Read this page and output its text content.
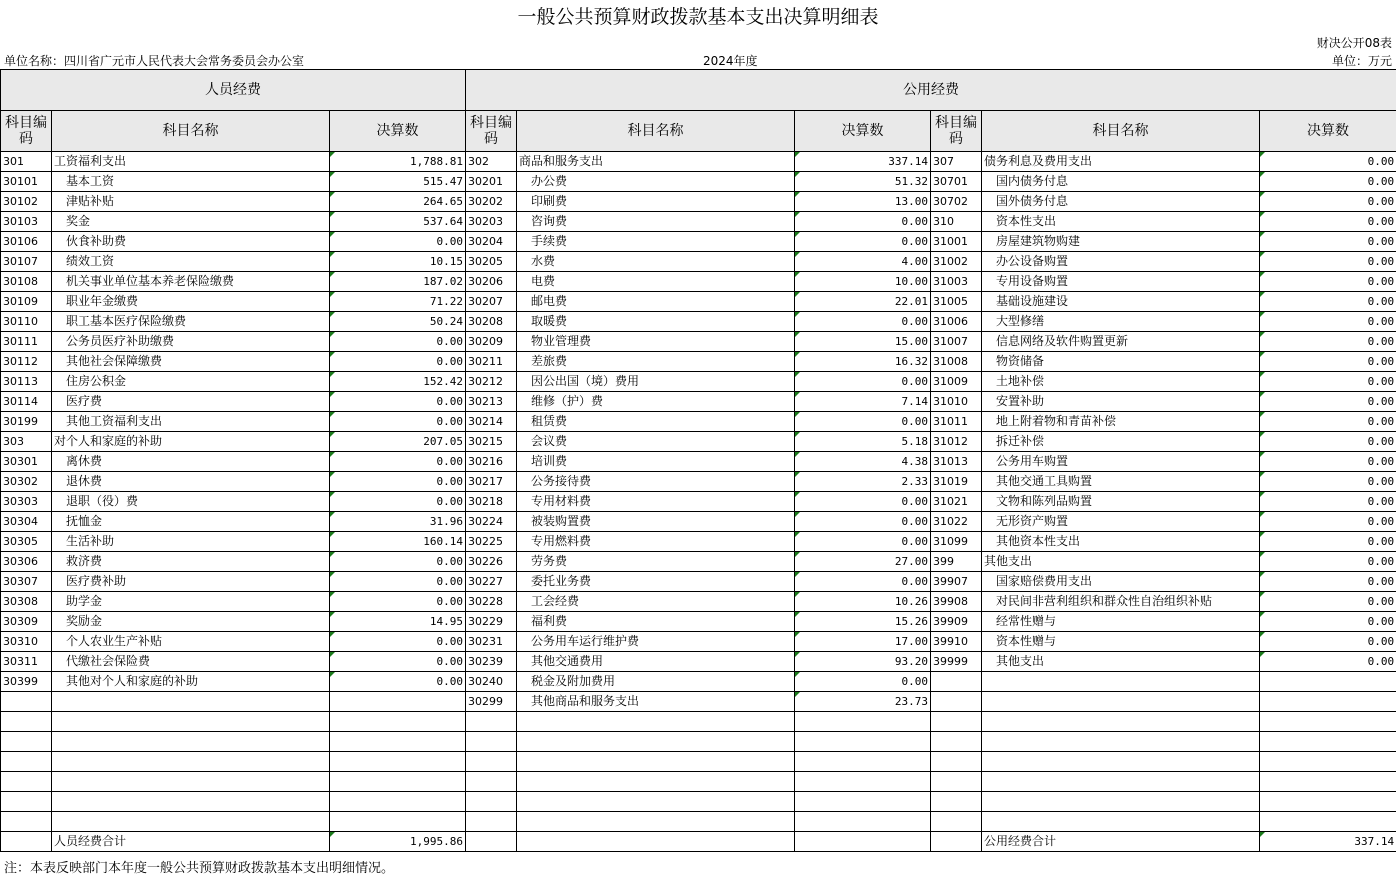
一般公共预算财政拨款基本支出决算明细表
财决公开08表
单位名称：四川省广元市人民代表大会常务委员会办公室	2024年度	单位：万元
人员经费			公用经费					
科目编码	科目名称	决算数	科目编码	科目名称	决算数	科目编码	科目名称	决算数
301	工资福利支出	1,788.81	302	商品和服务支出	337.14	307	债务利息及费用支出	0.00
30101	基本工资	515.47	30201	办公费	51.32	30701	国内债务付息	0.00
30102	津贴补贴	264.65	30202	印刷费	13.00	30702	国外债务付息	0.00
30103	奖金	537.64	30203	咨询费	0.00	310	资本性支出	0.00
30106	伙食补助费	0.00	30204	手续费	0.00	31001	房屋建筑物购建	0.00
30107	绩效工资	10.15	30205	水费	4.00	31002	办公设备购置	0.00
30108	机关事业单位基本养老保险缴费	187.02	30206	电费	10.00	31003	专用设备购置	0.00
30109	职业年金缴费	71.22	30207	邮电费	22.01	31005	基础设施建设	0.00
30110	职工基本医疗保险缴费	50.24	30208	取暖费	0.00	31006	大型修缮	0.00
30111	公务员医疗补助缴费	0.00	30209	物业管理费	15.00	31007	信息网络及软件购置更新	0.00
30112	其他社会保障缴费	0.00	30211	差旅费	16.32	31008	物资储备	0.00
30113	住房公积金	152.42	30212	因公出国（境）费用	0.00	31009	土地补偿	0.00
30114	医疗费	0.00	30213	维修（护）费	7.14	31010	安置补助	0.00
30199	其他工资福利支出	0.00	30214	租赁费	0.00	31011	地上附着物和青苗补偿	0.00
303	对个人和家庭的补助	207.05	30215	会议费	5.18	31012	拆迁补偿	0.00
30301	离休费	0.00	30216	培训费	4.38	31013	公务用车购置	0.00
30302	退休费	0.00	30217	公务接待费	2.33	31019	其他交通工具购置	0.00
30303	退职（役）费	0.00	30218	专用材料费	0.00	31021	文物和陈列品购置	0.00
30304	抚恤金	31.96	30224	被装购置费	0.00	31022	无形资产购置	0.00
30305	生活补助	160.14	30225	专用燃料费	0.00	31099	其他资本性支出	0.00
30306	救济费	0.00	30226	劳务费	27.00	399	其他支出	0.00
30307	医疗费补助	0.00	30227	委托业务费	0.00	39907	国家赔偿费用支出	0.00
30308	助学金	0.00	30228	工会经费	10.26	39908	对民间非营利组织和群众性自治组织补贴	0.00
30309	奖励金	14.95	30229	福利费	15.26	39909	经常性赠与	0.00
30310	个人农业生产补贴	0.00	30231	公务用车运行维护费	17.00	39910	资本性赠与	0.00
30311	代缴社会保险费	0.00	30239	其他交通费用	93.20	39999	其他支出	0.00
30399	其他对个人和家庭的补助	0.00	30240	税金及附加费用	0.00			
			30299	其他商品和服务支出	23.73			

	人员经费合计	1,995.86					公用经费合计	337.14
注：本表反映部门本年度一般公共预算财政拨款基本支出明细情况。
